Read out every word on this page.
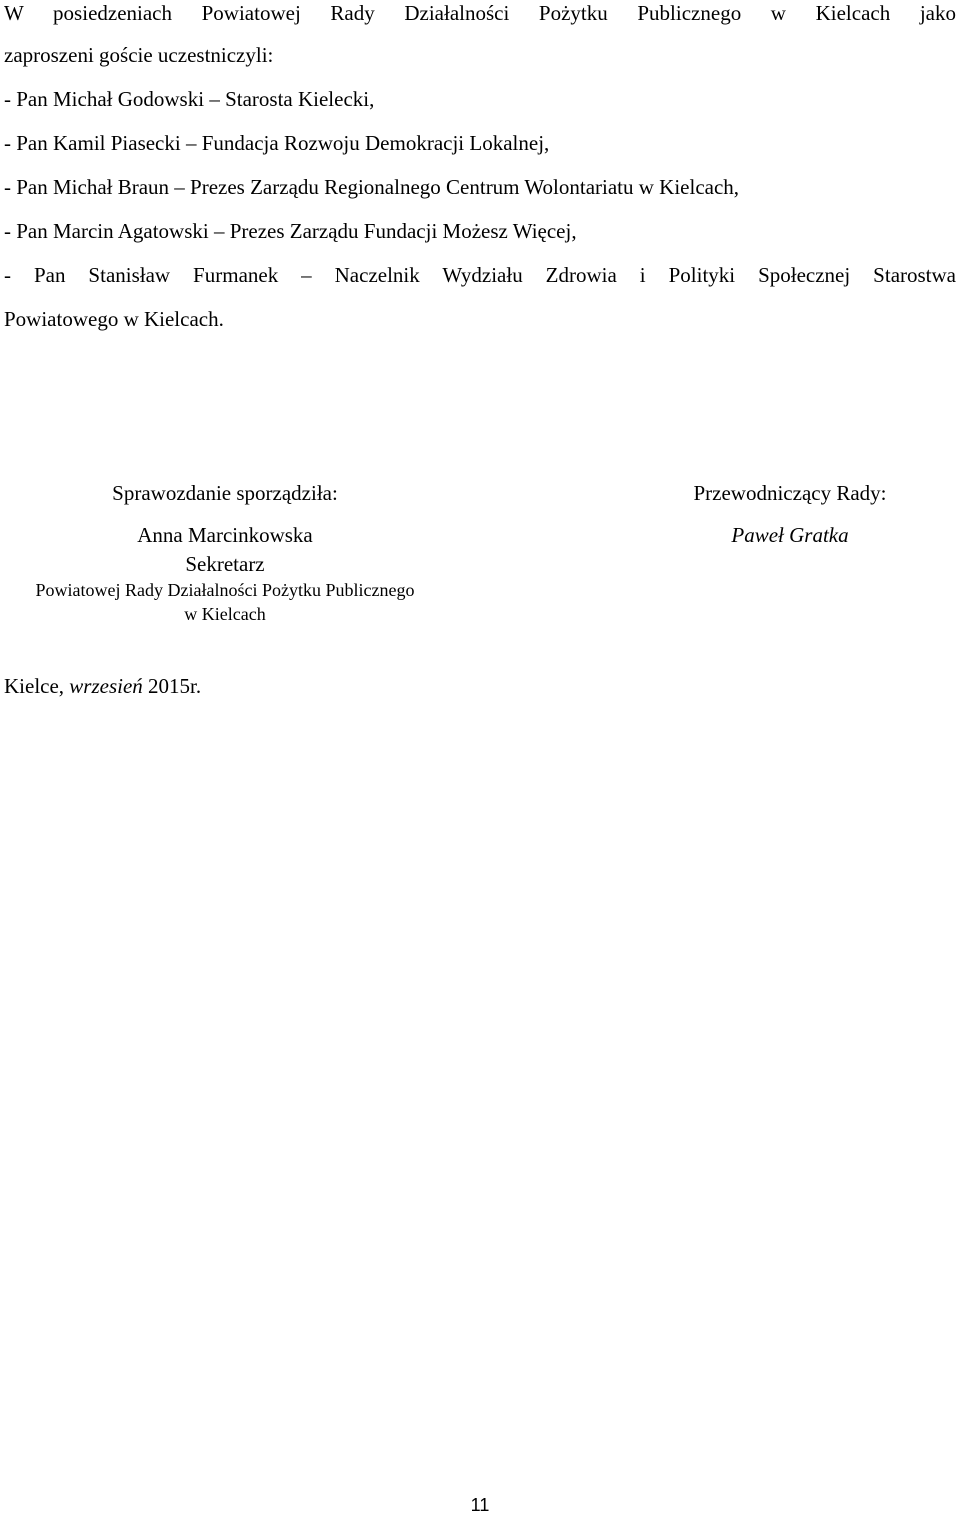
W posiedzeniach Powiatowej Rady Działalności Pożytku Publicznego w Kielcach jako
zaproszeni goście uczestniczyli:
- Pan Michał Godowski – Starosta Kielecki,
- Pan Kamil Piasecki – Fundacja Rozwoju Demokracji Lokalnej,
- Pan Michał Braun – Prezes Zarządu Regionalnego Centrum Wolontariatu w Kielcach,
- Pan Marcin Agatowski – Prezes Zarządu Fundacji Możesz Więcej,
- Pan Stanisław Furmanek – Naczelnik Wydziału Zdrowia i Polityki Społecznej Starostwa
Powiatowego w Kielcach.
Sprawozdanie sporządziła:
Anna Marcinkowska
Sekretarz
Powiatowej Rady Działalności Pożytku Publicznego
w Kielcach
Przewodniczący Rady:
Paweł Gratka
Kielce, wrzesień 2015r.
11
